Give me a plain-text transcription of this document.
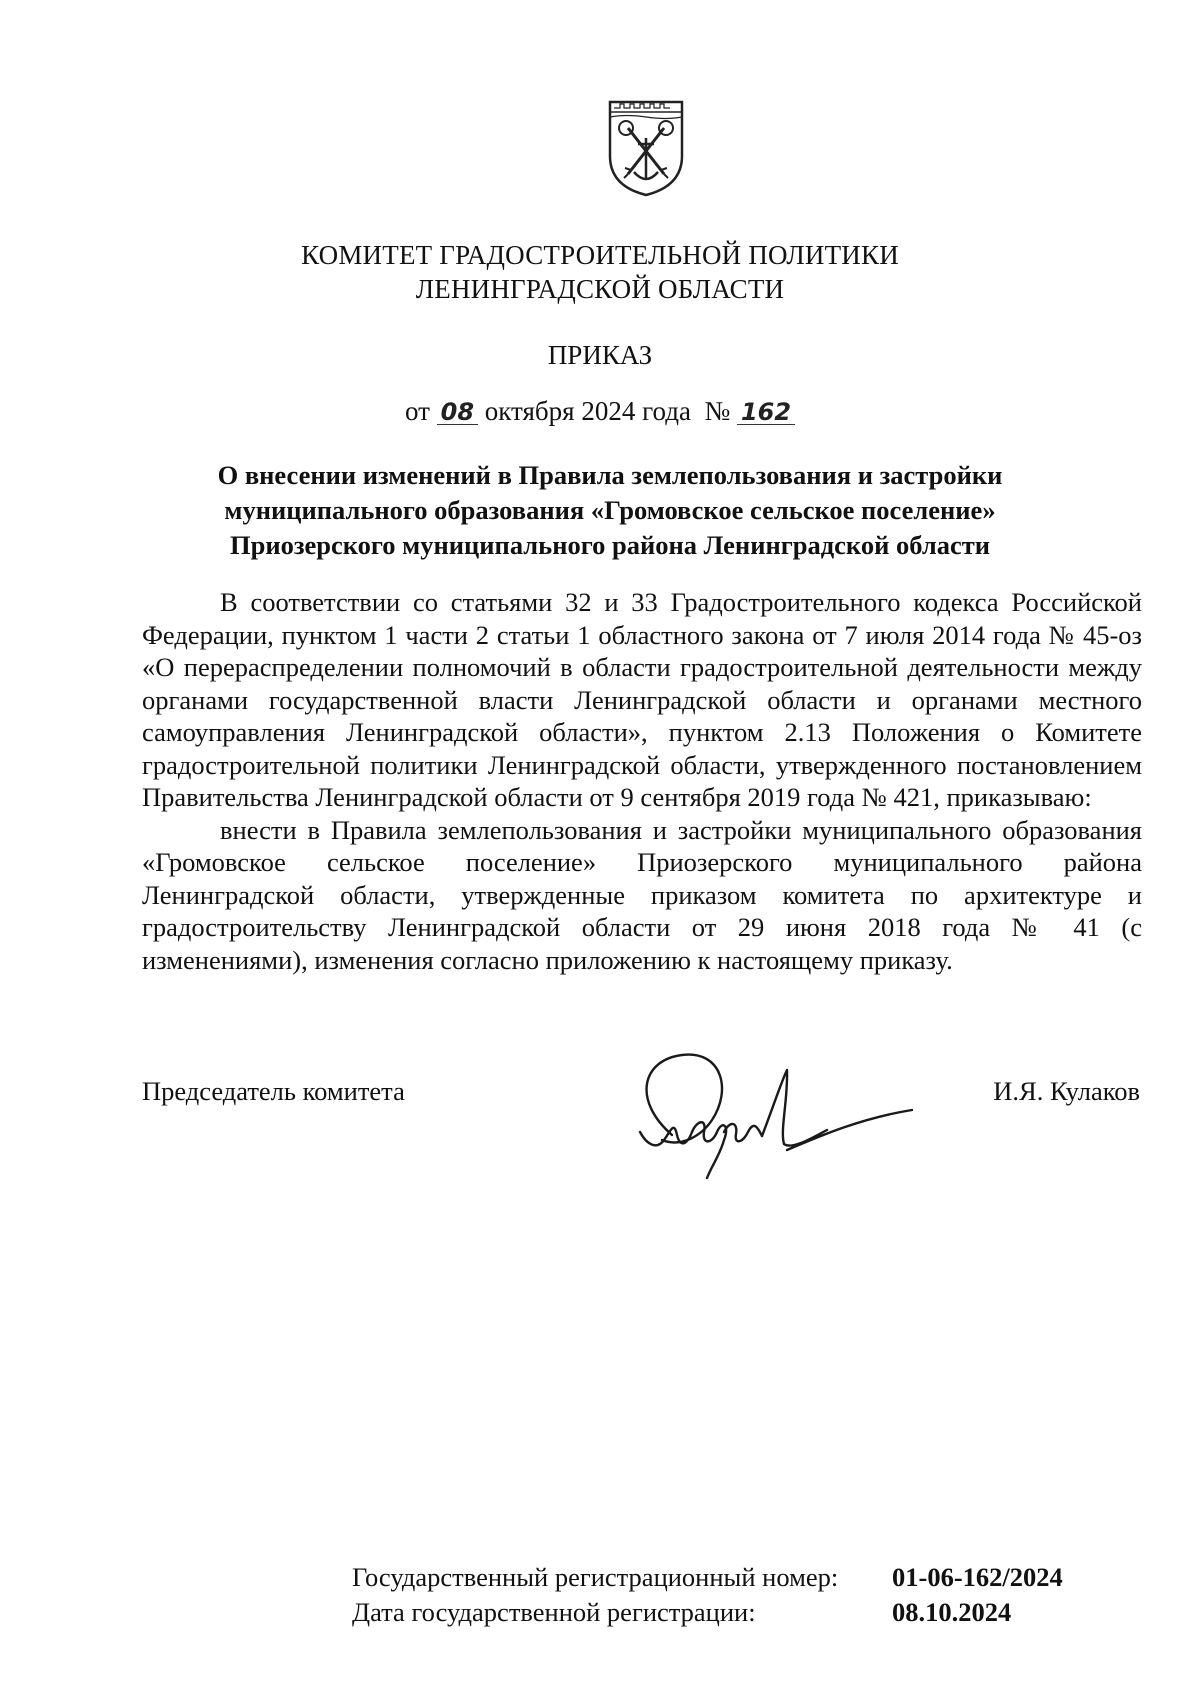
КОМИТЕТ ГРАДОСТРОИТЕЛЬНОЙ ПОЛИТИКИ
ЛЕНИНГРАДСКОЙ ОБЛАСТИ
ПРИКАЗ
от 08 октября 2024 года № 162
О внесении изменений в Правила землепользования и застройки
муниципального образования «Громовское сельское поселение»
Приозерского муниципального района Ленинградской области

В соответствии со статьями 32 и 33 Градостроительного кодекса Российской Федерации, пунктом 1 части 2 статьи 1 областного закона от 7 июля 2014 года № 45-оз «О перераспределении полномочий в области градостроительной деятельности между органами государственной власти Ленинградской области и органами местного самоуправления Ленинградской области», пунктом 2.13 Положения о Комитете градостроительной политики Ленинградской области, утвержденного постановлением Правительства Ленинградской области от 9 сентября 2019 года № 421, приказываю:

внести в Правила землепользования и застройки муниципального образования «Громовское сельское поселение» Приозерского муниципального района Ленинградской области, утвержденные приказом комитета по архитектуре и градостроительству Ленинградской области от 29 июня 2018 года № 41 (с изменениями), изменения согласно приложению к настоящему приказу.

Председатель комитета	И.Я. Кулаков
Государственный регистрационный номер:	01-06-162/2024
Дата государственной регистрации:	08.10.2024
